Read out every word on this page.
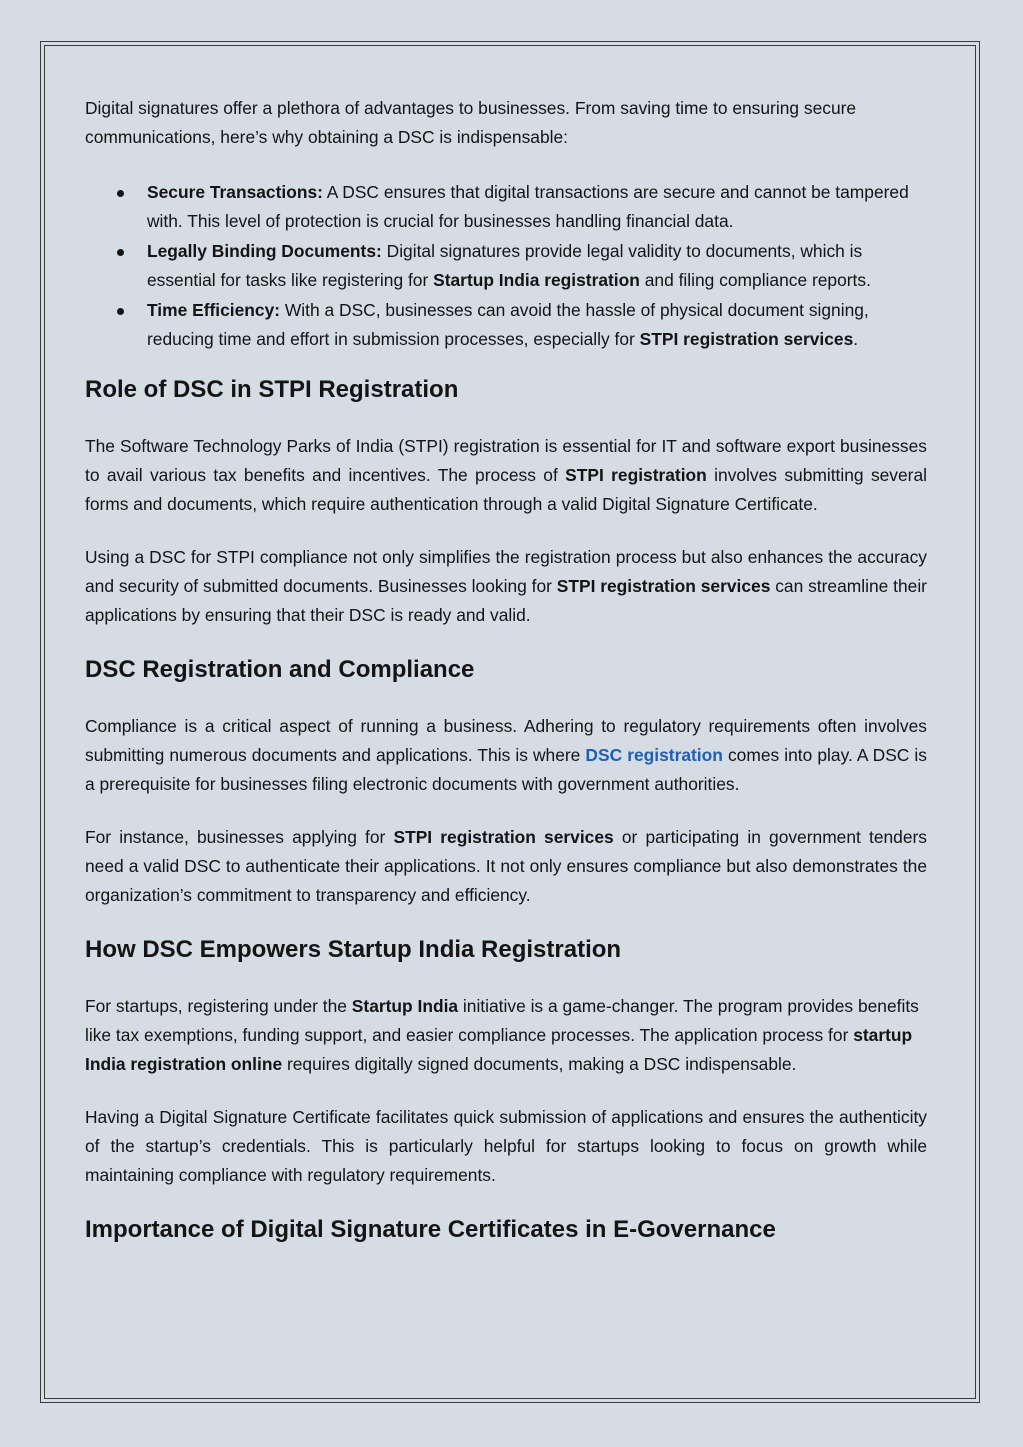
Digital signatures offer a plethora of advantages to businesses. From saving time to ensuring secure communications, here’s why obtaining a DSC is indispensable:

Secure Transactions: A DSC ensures that digital transactions are secure and cannot be tampered with. This level of protection is crucial for businesses handling financial data.
Legally Binding Documents: Digital signatures provide legal validity to documents, which is essential for tasks like registering for Startup India registration and filing compliance reports.
Time Efficiency: With a DSC, businesses can avoid the hassle of physical document signing, reducing time and effort in submission processes, especially for STPI registration services.
Role of DSC in STPI Registration

The Software Technology Parks of India (STPI) registration is essential for IT and software export businesses to avail various tax benefits and incentives. The process of STPI registration involves submitting several forms and documents, which require authentication through a valid Digital Signature Certificate.

Using a DSC for STPI compliance not only simplifies the registration process but also enhances the accuracy and security of submitted documents. Businesses looking for STPI registration services can streamline their applications by ensuring that their DSC is ready and valid.

DSC Registration and Compliance

Compliance is a critical aspect of running a business. Adhering to regulatory requirements often involves submitting numerous documents and applications. This is where DSC registration comes into play. A DSC is a prerequisite for businesses filing electronic documents with government authorities.

For instance, businesses applying for STPI registration services or participating in government tenders need a valid DSC to authenticate their applications. It not only ensures compliance but also demonstrates the organization’s commitment to transparency and efficiency.

How DSC Empowers Startup India Registration

For startups, registering under the Startup India initiative is a game-changer. The program provides benefits like tax exemptions, funding support, and easier compliance processes. The application process for startup India registration online requires digitally signed documents, making a DSC indispensable.

Having a Digital Signature Certificate facilitates quick submission of applications and ensures the authenticity of the startup’s credentials. This is particularly helpful for startups looking to focus on growth while maintaining compliance with regulatory requirements.

Importance of Digital Signature Certificates in E-Governance
